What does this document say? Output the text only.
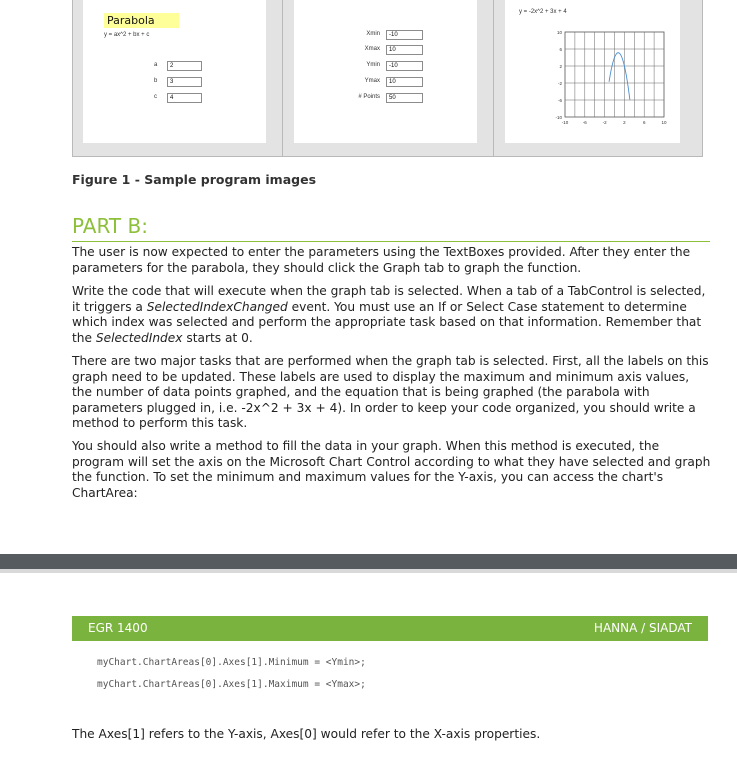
Parabola
y = ax^2 + bx + c
a	2
b	3
c	4
Xmin	-10
Xmax	10
Ymin	-10
Ymax	10
# Points	50
y = -2x^2 + 3x + 4
10
6
2
-2
-6
-10
-10	-6	-2	2	6	10
Figure 1 - Sample program images
PART B:

The user is now expected to enter the parameters using the TextBoxes provided. After they enter the parameters for the parabola, they should click the Graph tab to graph the function.

Write the code that will execute when the graph tab is selected. When a tab of a TabControl is selected, it triggers a SelectedIndexChanged event. You must use an If or Select Case statement to determine which index was selected and perform the appropriate task based on that information. Remember that the SelectedIndex starts at 0.

There are two major tasks that are performed when the graph tab is selected. First, all the labels on this graph need to be updated. These labels are used to display the maximum and minimum axis values, the number of data points graphed, and the equation that is being graphed (the parabola with parameters plugged in, i.e. -2x^2 + 3x + 4). In order to keep your code organized, you should write a method to perform this task.

You should also write a method to fill the data in your graph. When this method is executed, the program will set the axis on the Microsoft Chart Control according to what they have selected and graph the function. To set the minimum and maximum values for the Y-axis, you can access the chart's ChartArea:

EGR 1400	HANNA / SIADAT
myChart.ChartAreas[0].Axes[1].Minimum = <Ymin>;
myChart.ChartAreas[0].Axes[1].Maximum = <Ymax>;
The Axes[1] refers to the Y-axis, Axes[0] would refer to the X-axis properties.
